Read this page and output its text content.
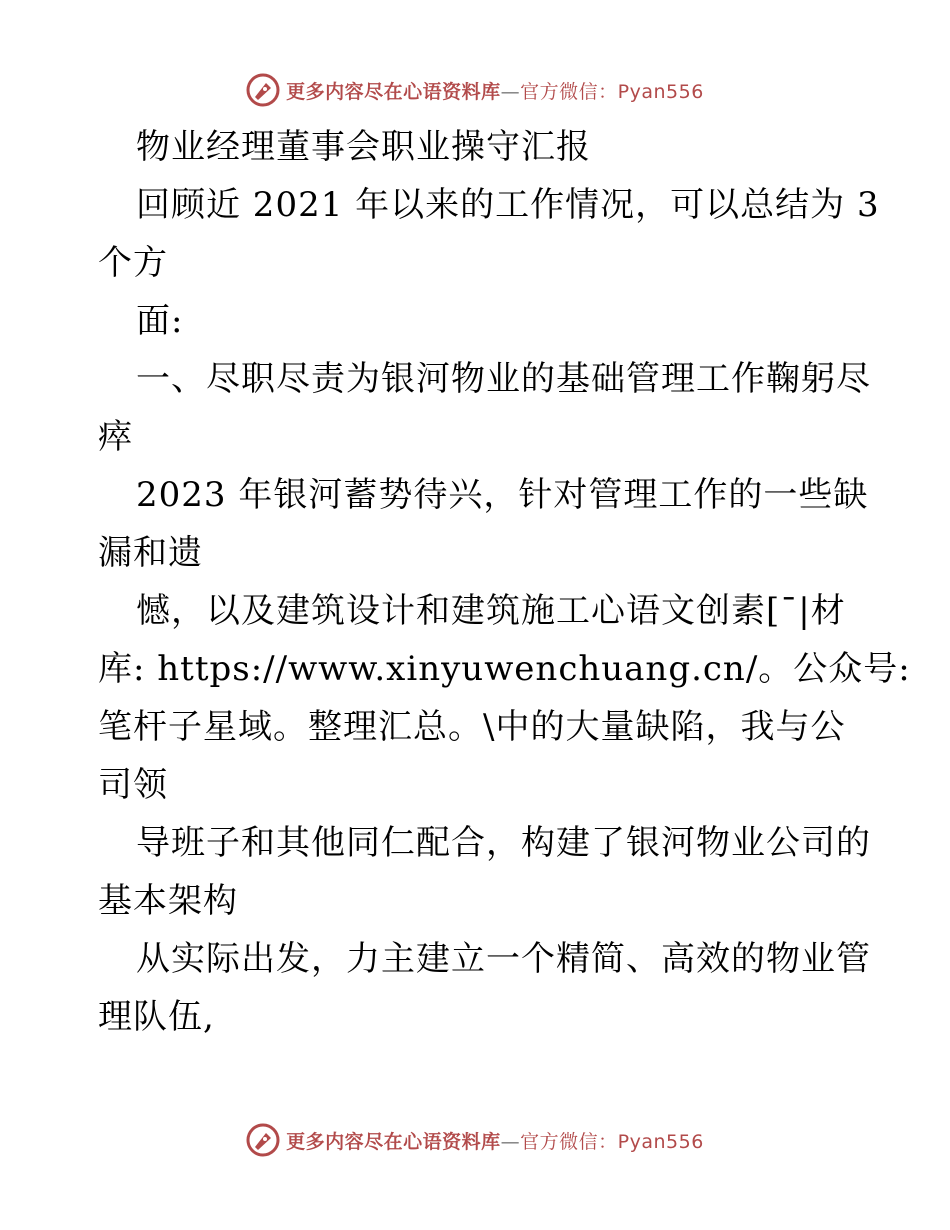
更多内容尽在心语资料库—官方微信：Pyan556
物业经理董事会职业操守汇报
回顾近 2021 年以来的工作情况，可以总结为 3
个方
面:
一、尽职尽责为银河物业的基础管理工作鞠躬尽
瘁
2023 年银河蓄势待兴，针对管理工作的一些缺
漏和遗
憾，以及建筑设计和建筑施工心语文创素[¯|材
库: https://www.xinyuwenchuang.cn/。公众号:
笔杆子星域。整理汇总。\中的大量缺陷，我与公
司领
导班子和其他同仁配合，构建了银河物业公司的
基本架构
从实际出发，力主建立一个精简、高效的物业管
理队伍,
更多内容尽在心语资料库—官方微信：Pyan556
